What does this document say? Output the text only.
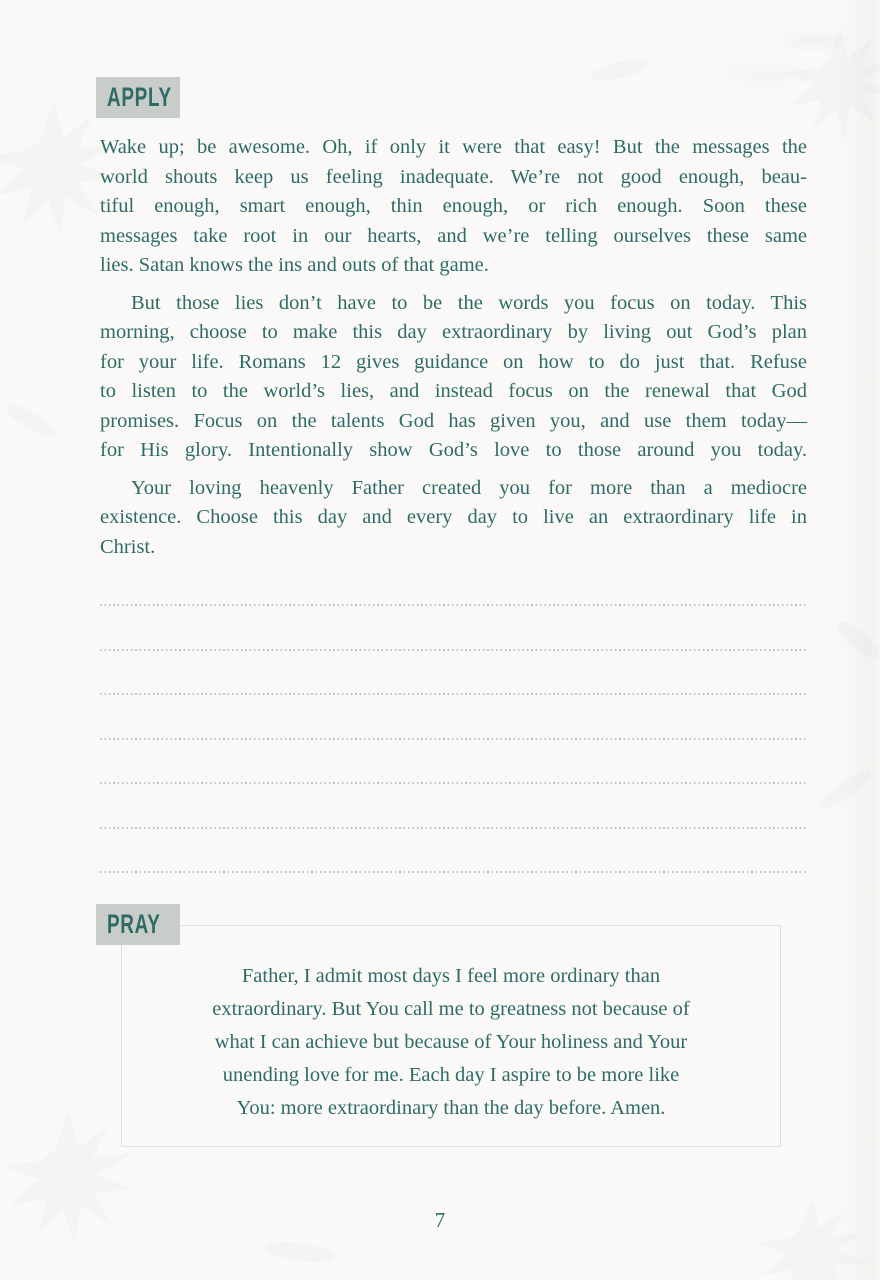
APPLY

Wake up; be awesome. Oh, if only it were that easy! But the messages the
world shouts keep us feeling inadequate. We’re not good enough, beau-
tiful enough, smart enough, thin enough, or rich enough. Soon these
messages take root in our hearts, and we’re telling ourselves these same
lies. Satan knows the ins and outs of that game.

But those lies don’t have to be the words you focus on today. This
morning, choose to make this day extraordinary by living out God’s plan
for your life. Romans 12 gives guidance on how to do just that. Refuse
to listen to the world’s lies, and instead focus on the renewal that God
promises. Focus on the talents God has given you, and use them today—
for His glory. Intentionally show God’s love to those around you today.

Your loving heavenly Father created you for more than a mediocre
existence. Choose this day and every day to live an extraordinary life in
Christ.

PRAY
Father, I admit most days I feel more ordinary than
extraordinary. But You call me to greatness not because of
what I can achieve but because of Your holiness and Your
unending love for me. Each day I aspire to be more like
You: more extraordinary than the day before. Amen.
7
